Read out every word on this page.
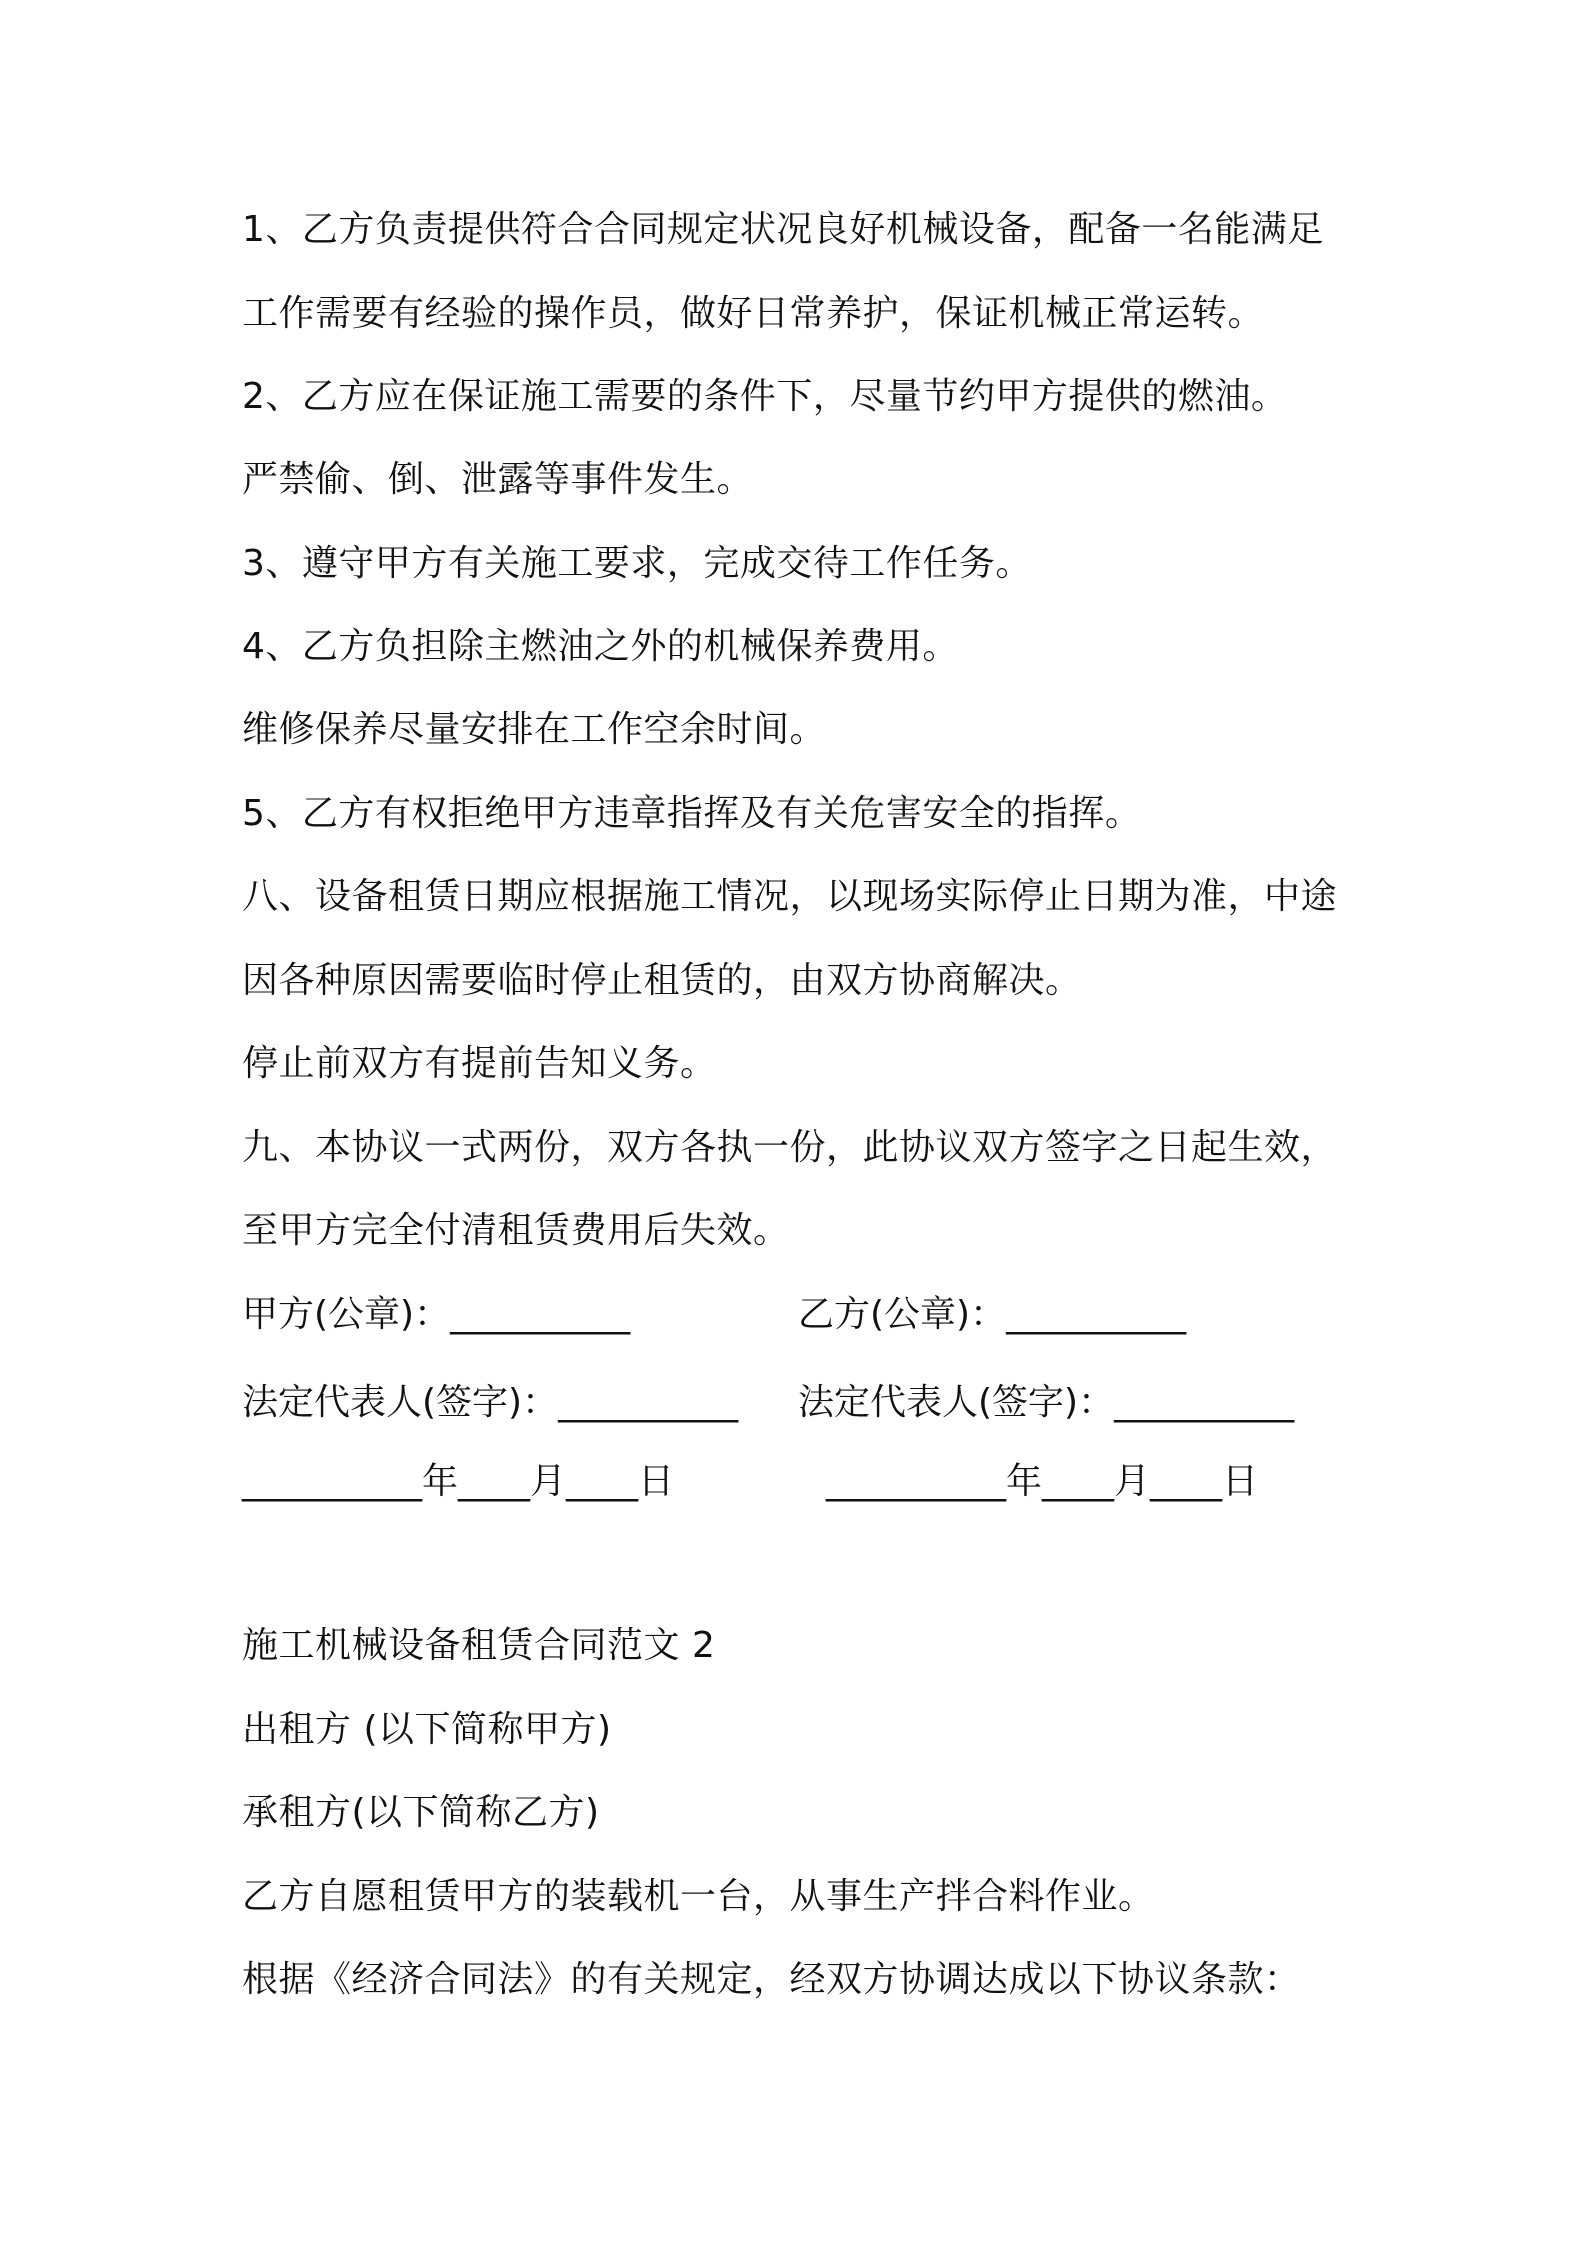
1、乙方负责提供符合合同规定状况良好机械设备，配备一名能满足

工作需要有经验的操作员，做好日常养护，保证机械正常运转。

2、乙方应在保证施工需要的条件下，尽量节约甲方提供的燃油。

严禁偷、倒、泄露等事件发生。

3、遵守甲方有关施工要求，完成交待工作任务。

4、乙方负担除主燃油之外的机械保养费用。

维修保养尽量安排在工作空余时间。

5、乙方有权拒绝甲方违章指挥及有关危害安全的指挥。

八、设备租赁日期应根据施工情况，以现场实际停止日期为准，中途

因各种原因需要临时停止租赁的，由双方协商解决。

停止前双方有提前告知义务。

九、本协议一式两份，双方各执一份，此协议双方签字之日起生效，

至甲方完全付清租赁费用后失效。

甲方(公章)：__________	乙方(公章)：__________
法定代表人(签字)：__________ 法定代表人(签字)：__________
__________年____月____日	__________年____月____日

施工机械设备租赁合同范文 2

出租方 (以下简称甲方)

承租方(以下简称乙方)

乙方自愿租赁甲方的装载机一台，从事生产拌合料作业。

根据《经济合同法》的有关规定，经双方协调达成以下协议条款：
